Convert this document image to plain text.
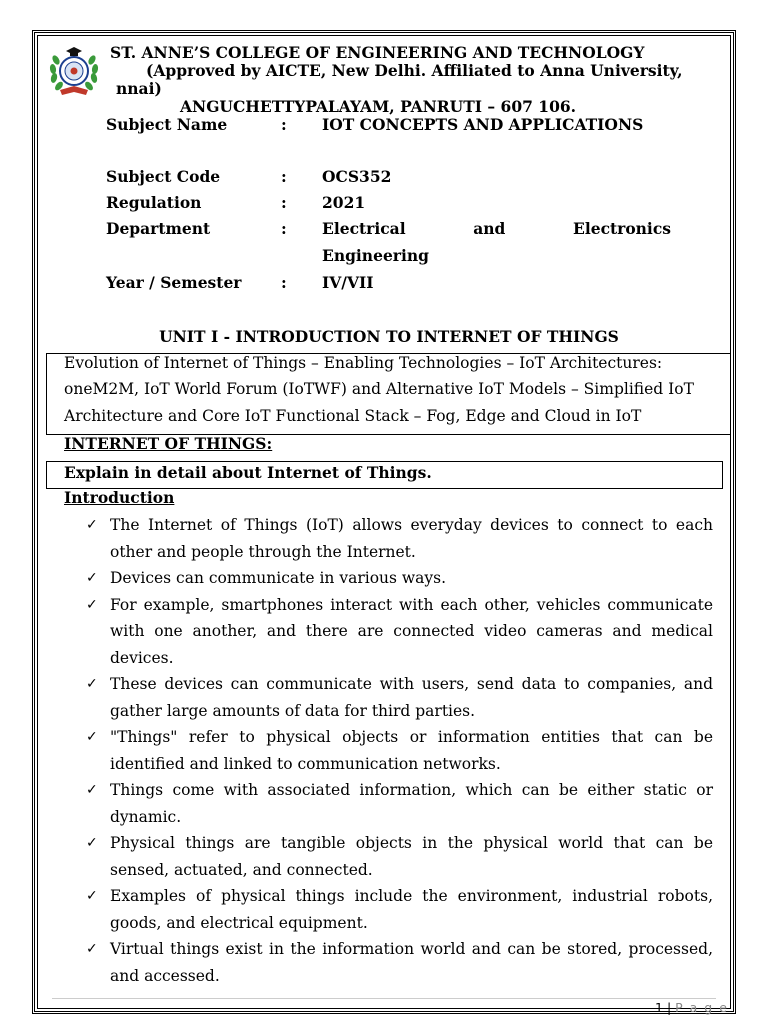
ST. ANNE’S COLLEGE OF ENGINEERING AND TECHNOLOGY
(Approved by AICTE, New Delhi. Affiliated to Anna University,
nnai)
ANGUCHETTYPALAYAM, PANRUTI – 607 106.
Subject Name	: IOT CONCEPTS AND APPLICATIONS
Subject Code	: OCS352
Regulation	: 2021
Department	: Electrical	and	Electronics
Engineering
Year / Semester	: IV/VII
UNIT I - INTRODUCTION TO INTERNET OF THINGS
Evolution of Internet of Things – Enabling Technologies – IoT Architectures:
oneM2M, IoT World Forum (IoTWF) and Alternative IoT Models – Simplified IoT
Architecture and Core IoT Functional Stack – Fog, Edge and Cloud in IoT
INTERNET OF THINGS:
Explain in detail about Internet of Things.
Introduction
✓ The Internet of Things (IoT) allows everyday devices to connect to each other and people through the Internet.
✓ Devices can communicate in various ways.
✓ For example, smartphones interact with each other, vehicles communicate with one another, and there are connected video cameras and medical devices.
✓ These devices can communicate with users, send data to companies, and gather large amounts of data for third parties.
✓ "Things" refer to physical objects or information entities that can be identified and linked to communication networks.
✓ Things come with associated information, which can be either static or dynamic.
✓ Physical things are tangible objects in the physical world that can be sensed, actuated, and connected.
✓ Examples of physical things include the environment, industrial robots, goods, and electrical equipment.
✓ Virtual things exist in the information world and can be stored, processed, and accessed.
1 | P a g e
